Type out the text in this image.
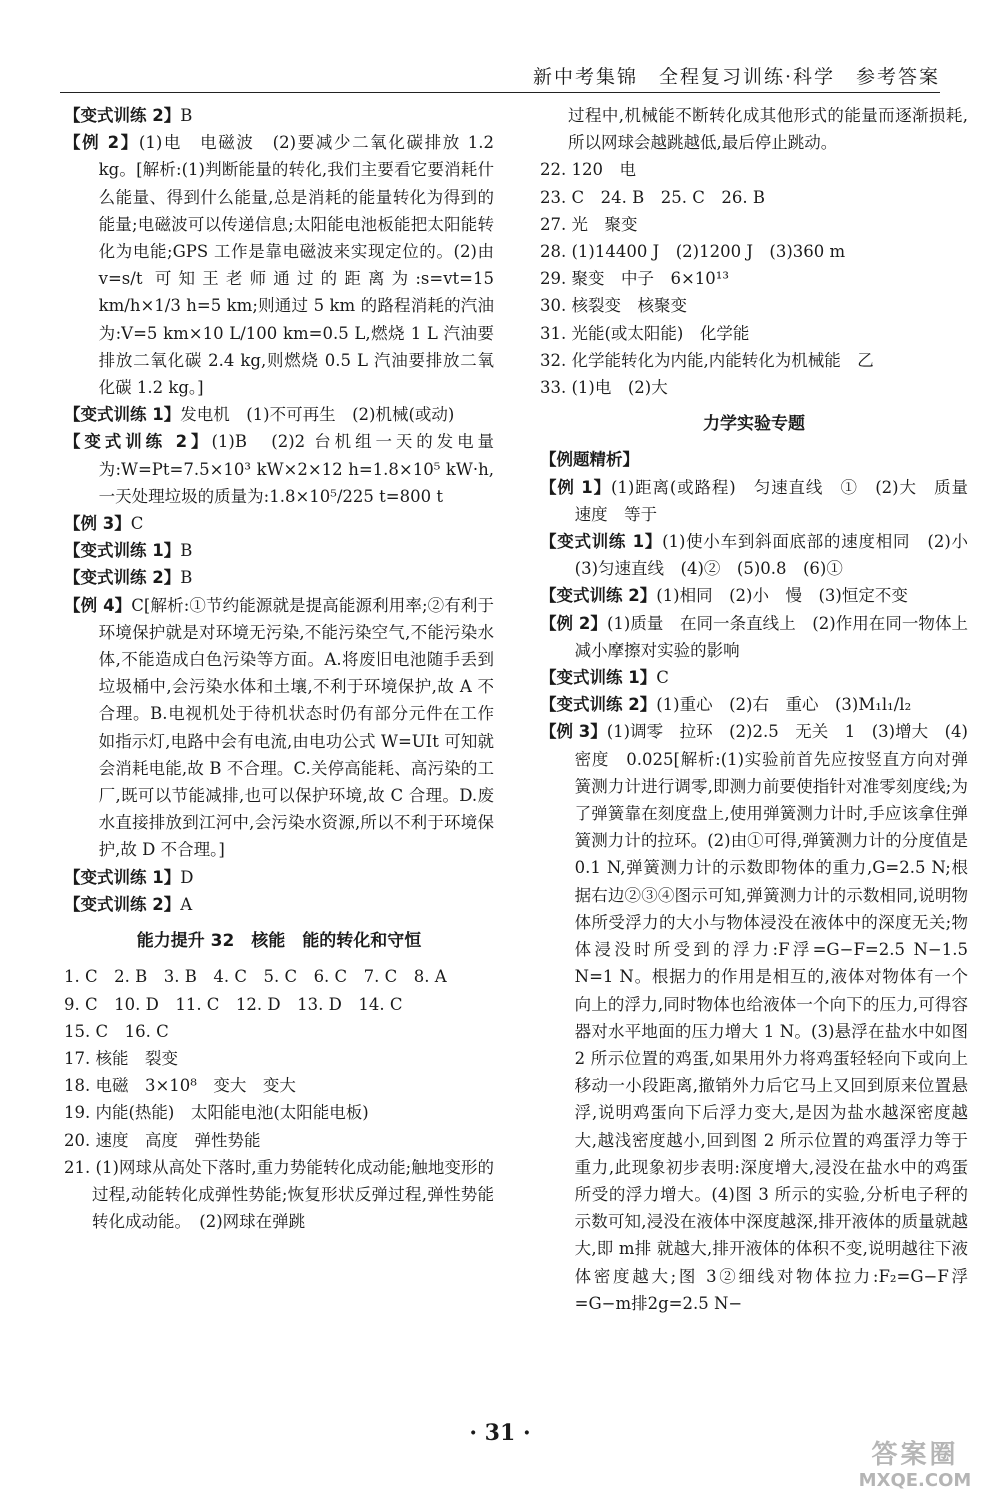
新中考集锦　全程复习训练·科学　参考答案

【变式训练 2】B

【例 2】(1)电　电磁波　(2)要减少二氧化碳排放 1.2 kg。[解析:(1)判断能量的转化,我们主要看它要消耗什么能量、得到什么能量,总是消耗的能量转化为得到的能量;电磁波可以传递信息;太阳能电池板能把太阳能转化为电能;GPS 工作是靠电磁波来实现定位的。(2)由 v=s/t 可知王老师通过的距离为:s=vt=15 km/h×1/3 h=5 km;则通过 5 km 的路程消耗的汽油为:V=5 km×10 L/100 km=0.5 L,燃烧 1 L 汽油要排放二氧化碳 2.4 kg,则燃烧 0.5 L 汽油要排放二氧化碳 1.2 kg。]

【变式训练 1】发电机　(1)不可再生　(2)机械(或动)

【变式训练 2】(1)B　(2)2 台机组一天的发电量为:W=Pt=7.5×10³ kW×2×12 h=1.8×10⁵ kW·h,一天处理垃圾的质量为:1.8×10⁵/225 t=800 t

【例 3】C

【变式训练 1】B

【变式训练 2】B

【例 4】C[解析:①节约能源就是提高能源利用率;②有利于环境保护就是对环境无污染,不能污染空气,不能污染水体,不能造成白色污染等方面。A.将废旧电池随手丢到垃圾桶中,会污染水体和土壤,不利于环境保护,故 A 不合理。B.电视机处于待机状态时仍有部分元件在工作如指示灯,电路中会有电流,由电功公式 W=UIt 可知就会消耗电能,故 B 不合理。C.关停高能耗、高污染的工厂,既可以节能减排,也可以保护环境,故 C 合理。D.废水直接排放到江河中,会污染水资源,所以不利于环境保护,故 D 不合理。]

【变式训练 1】D

【变式训练 2】A

能力提升 32　核能　能的转化和守恒

1. C　2. B　3. B　4. C　5. C　6. C　7. C　8. A

9. C　10. D　11. C　12. D　13. D　14. C

15. C　16. C

17. 核能　裂变

18. 电磁　3×10⁸　变大　变大

19. 内能(热能)　太阳能电池(太阳能电板)

20. 速度　高度　弹性势能

21. (1)网球从高处下落时,重力势能转化成动能;触地变形的过程,动能转化成弹性势能;恢复形状反弹过程,弹性势能转化成动能。　(2)网球在弹跳

过程中,机械能不断转化成其他形式的能量而逐渐损耗,所以网球会越跳越低,最后停止跳动。

22. 120　电

23. C　24. B　25. C　26. B

27. 光　聚变

28. (1)14400 J　(2)1200 J　(3)360 m

29. 聚变　中子　6×10¹³

30. 核裂变　核聚变

31. 光能(或太阳能)　化学能

32. 化学能转化为内能,内能转化为机械能　乙

33. (1)电　(2)大

力学实验专题

【例题精析】

【例 1】(1)距离(或路程)　匀速直线　①　(2)大　质量　速度　等于

【变式训练 1】(1)使小车到斜面底部的速度相同　(2)小　(3)匀速直线　(4)②　(5)0.8　(6)①

【变式训练 2】(1)相同　(2)小　慢　(3)恒定不变

【例 2】(1)质量　在同一条直线上　(2)作用在同一物体上　减小摩擦对实验的影响

【变式训练 1】C

【变式训练 2】(1)重心　(2)右　重心　(3)M₁l₁/l₂

【例 3】(1)调零　拉环　(2)2.5　无关　1　(3)增大　(4)密度　0.025[解析:(1)实验前首先应按竖直方向对弹簧测力计进行调零,即测力前要使指针对准零刻度线;为了弹簧靠在刻度盘上,使用弹簧测力计时,手应该拿住弹簧测力计的拉环。(2)由①可得,弹簧测力计的分度值是 0.1 N,弹簧测力计的示数即物体的重力,G=2.5 N;根据右边②③④图示可知,弹簧测力计的示数相同,说明物体所受浮力的大小与物体浸没在液体中的深度无关;物体浸没时所受到的浮力:F浮=G−F=2.5 N−1.5 N=1 N。根据力的作用是相互的,液体对物体有一个向上的浮力,同时物体也给液体一个向下的压力,可得容器对水平地面的压力增大 1 N。(3)悬浮在盐水中如图 2 所示位置的鸡蛋,如果用外力将鸡蛋轻轻向下或向上移动一小段距离,撤销外力后它马上又回到原来位置悬浮,说明鸡蛋向下后浮力变大,是因为盐水越深密度越大,越浅密度越小,回到图 2 所示位置的鸡蛋浮力等于重力,此现象初步表明:深度增大,浸没在盐水中的鸡蛋所受的浮力增大。(4)图 3 所示的实验,分析电子秤的示数可知,浸没在液体中深度越深,排开液体的质量就越大,即 m排 就越大,排开液体的体积不变,说明越往下液体密度越大;图 3②细线对物体拉力:F₂=G−F浮=G−m排2g=2.5 N−

· 31 ·
答案圈
MXQE.COM
